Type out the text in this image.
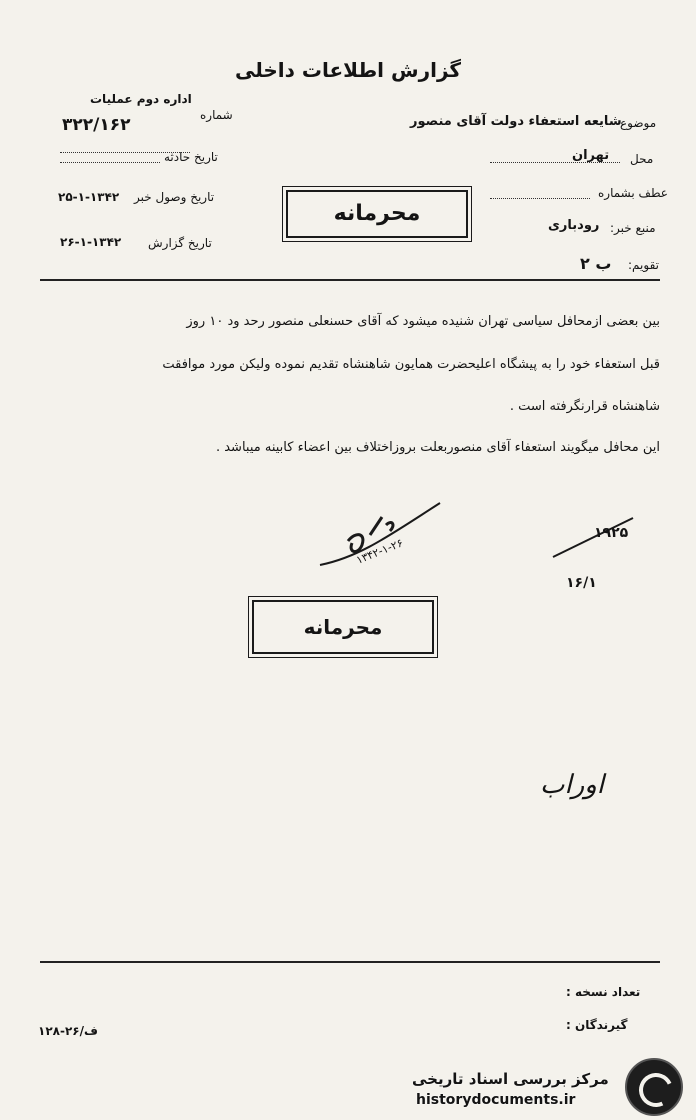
گزارش اطلاعات داخلی
اداره دوم عملیات
شماره
۳۲۲/۱۶۲
تاریخ حادثه
تاریخ وصول خبر
۲۵-۱-۱۳۴۲
تاریخ گزارش
۲۶-۱-۱۳۴۲
موضوع
شایعه استعفاء دولت آقای منصور
محل
تهران
عطف بشماره
منبع خبر:
رودباری
تقویم:
۲ ب
محرمانه
بین بعضی ازمحافل سیاسی تهران شنیده میشود که آقای حسنعلی منصور رحد ود ۱۰ روز
قبل استعفاء خود را به پیشگاه اعلیحضرت همایون شاهنشاه تقدیم نموده ولیکن مورد موافقت
شاهنشاه قرارنگرفته است .
این محافل میگویند استعفاء آقای منصوربعلت بروزاختلاف بین اعضاء کابینه میباشد .
۱۳۴۲-۱-۲۶
۱۹۲۵
۱۶/۱
محرمانه
اوراب
تعداد نسخه :
گیرندگان :
ف/۲۶-۱۲۸
مرکز بررسی اسناد تاریخی
historydocuments.ir
